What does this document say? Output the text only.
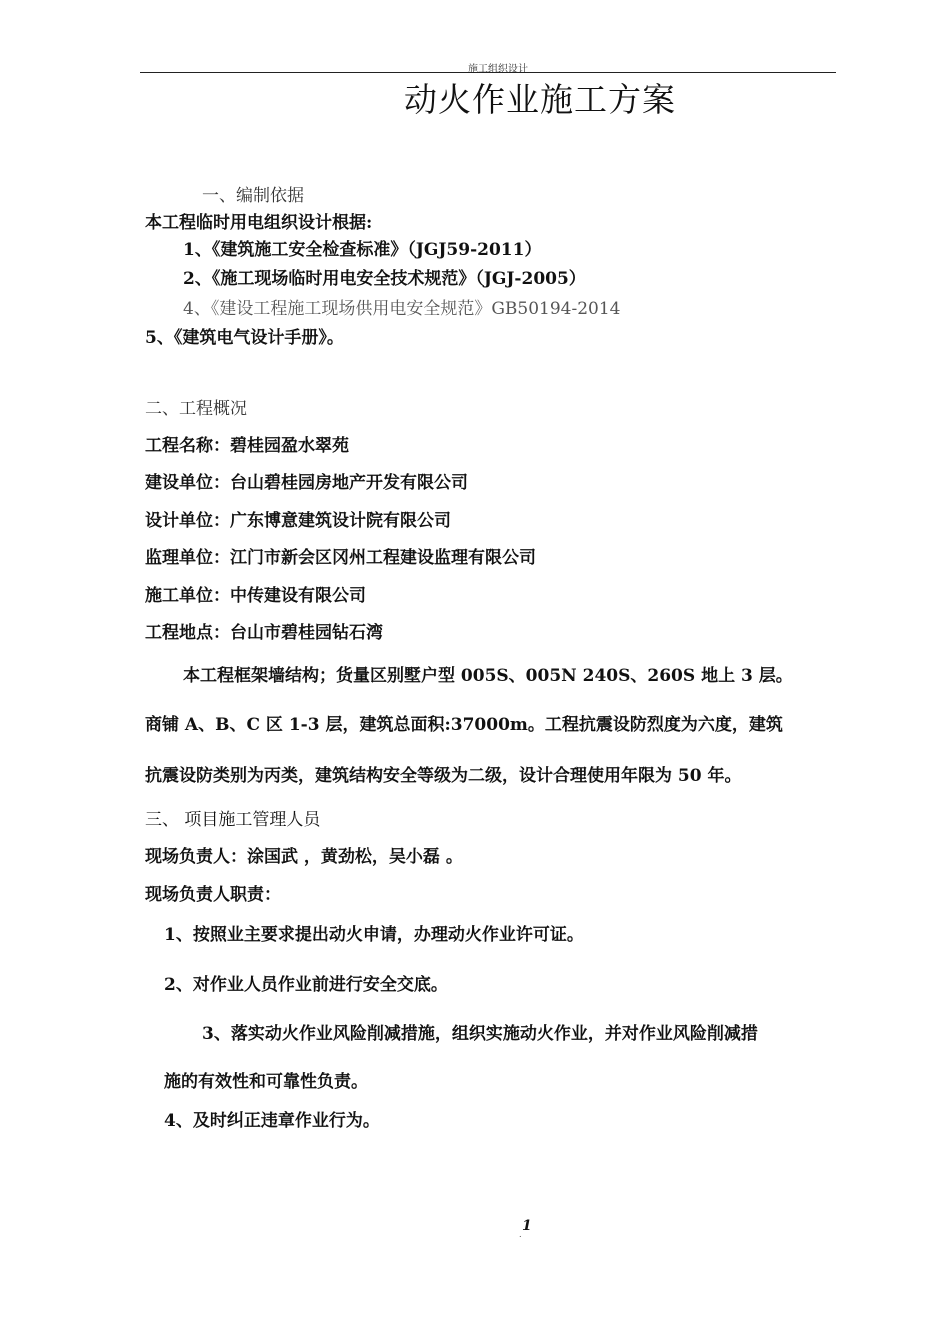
施工组织设计
动火作业施工方案
一、编制依据
本工程临时用电组织设计根据:
1、《建筑施工安全检查标准》（JGJ59-2011）
2、《施工现场临时用电安全技术规范》（JGJ-2005）
4、《建设工程施工现场供用电安全规范》GB50194-2014
5、《建筑电气设计手册》。
二、工程概况
工程名称：碧桂园盈水翠苑
建设单位：台山碧桂园房地产开发有限公司
设计单位：广东博意建筑设计院有限公司
监理单位：江门市新会区冈州工程建设监理有限公司
施工单位：中传建设有限公司
工程地点：台山市碧桂园钻石湾
本工程框架墙结构；货量区别墅户型 005S、005N 240S、260S 地上 3 层。
商铺 A、B、C 区 1-3 层，建筑总面积:37000m。工程抗震设防烈度为六度，建筑
抗震设防类别为丙类，建筑结构安全等级为二级，设计合理使用年限为 50 年。
三、 项目施工管理人员
现场负责人：涂国武 ，黄劲松，吴小磊 。
现场负责人职责：
1、按照业主要求提出动火申请，办理动火作业许可证。
2、对作业人员作业前进行安全交底。
3、落实动火作业风险削减措施，组织实施动火作业，并对作业风险削减措
施的有效性和可靠性负责。
4、及时纠正违章作业行为。
1
.
